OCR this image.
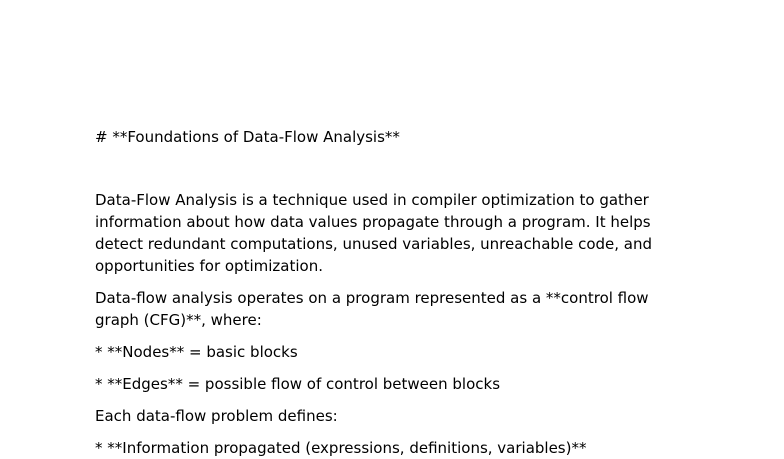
# **Foundations of Data-Flow Analysis**

Data-Flow Analysis is a technique used in compiler optimization to gather
information about how data values propagate through a program. It helps
detect redundant computations, unused variables, unreachable code, and
opportunities for optimization.

Data-flow analysis operates on a program represented as a **control flow
graph (CFG)**, where:

* **Nodes** = basic blocks

* **Edges** = possible flow of control between blocks

Each data-flow problem defines:

* **Information propagated (expressions, definitions, variables)**
